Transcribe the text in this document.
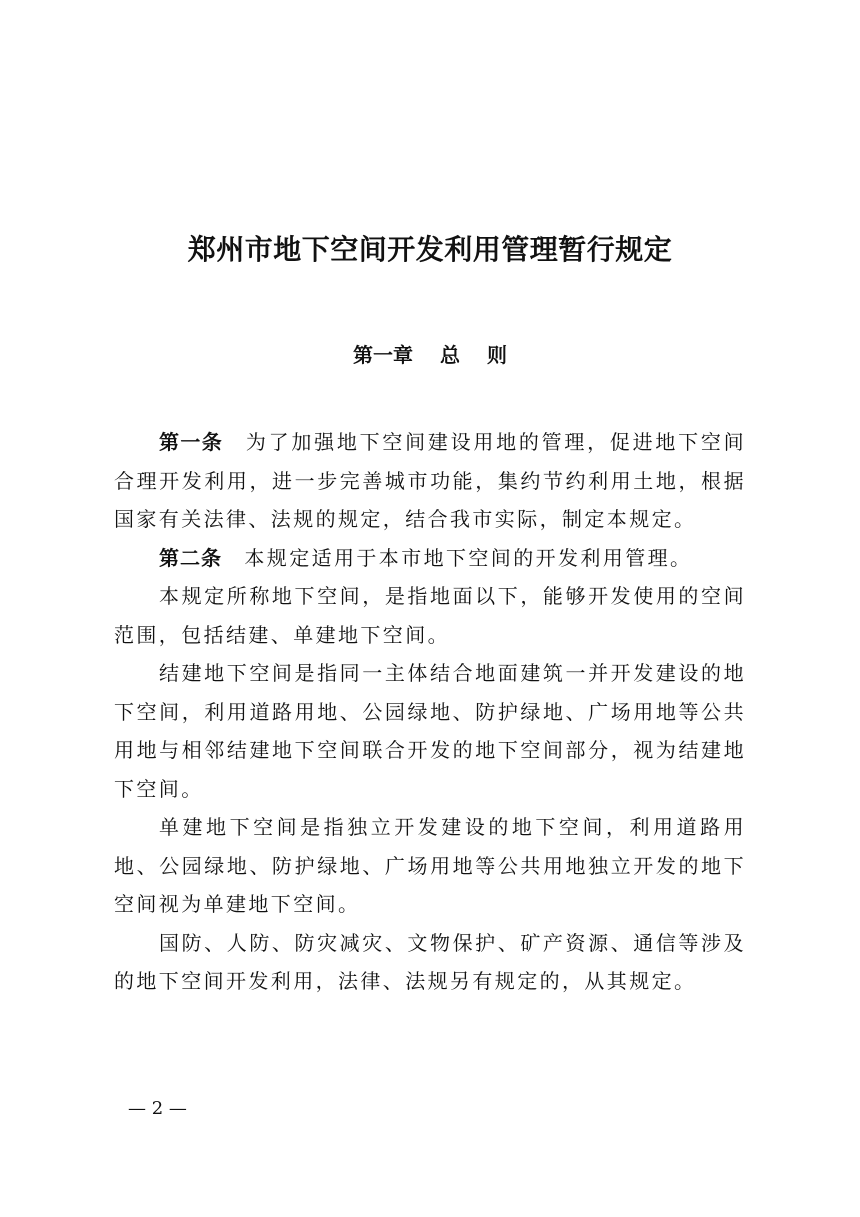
郑州市地下空间开发利用管理暂行规定
第一章　 总　 则

第一条　为了加强地下空间建设用地的管理，促进地下空间合理开发利用，进一步完善城市功能，集约节约利用土地，根据国家有关法律、法规的规定，结合我市实际，制定本规定。

第二条　本规定适用于本市地下空间的开发利用管理。

本规定所称地下空间，是指地面以下，能够开发使用的空间范围，包括结建、单建地下空间。

结建地下空间是指同一主体结合地面建筑一并开发建设的地下空间，利用道路用地、公园绿地、防护绿地、广场用地等公共用地与相邻结建地下空间联合开发的地下空间部分，视为结建地下空间。

单建地下空间是指独立开发建设的地下空间，利用道路用地、公园绿地、防护绿地、广场用地等公共用地独立开发的地下空间视为单建地下空间。

国防、人防、防灾减灾、文物保护、矿产资源、通信等涉及的地下空间开发利用，法律、法规另有规定的，从其规定。

— 2 —
